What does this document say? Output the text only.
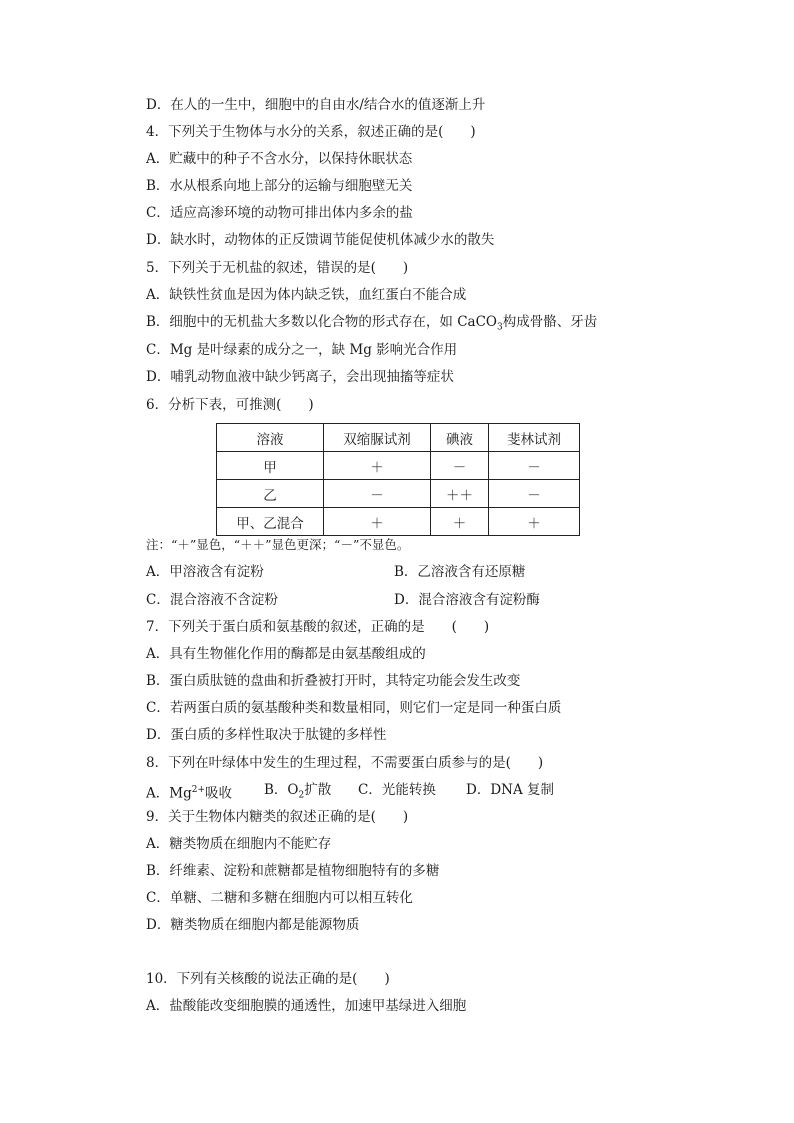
D．在人的一生中，细胞中的自由水/结合水的值逐渐上升
4．下列关于生物体与水分的关系，叙述正确的是(　　)
A．贮藏中的种子不含水分，以保持休眠状态
B．水从根系向地上部分的运输与细胞壁无关
C．适应高渗环境的动物可排出体内多余的盐
D．缺水时，动物体的正反馈调节能促使机体减少水的散失
5．下列关于无机盐的叙述，错误的是(　　)
A．缺铁性贫血是因为体内缺乏铁，血红蛋白不能合成
B．细胞中的无机盐大多数以化合物的形式存在，如 CaCO$_3$构成骨骼、牙齿
C．Mg 是叶绿素的成分之一，缺 Mg 影响光合作用
D．哺乳动物血液中缺少钙离子，会出现抽搐等症状
6．分析下表，可推测(　　)
溶液	双缩脲试剂	碘液	斐林试剂
甲	＋	－	－
乙	－	＋＋	－
甲、乙混合	＋	＋	＋
注：“＋”显色，“＋＋”显色更深；“－”不显色。
A．甲溶液含有淀粉	B．乙溶液含有还原糖
C．混合溶液不含淀粉	D．混合溶液含有淀粉酶
7．下列关于蛋白质和氨基酸的叙述，正确的是　　(　　)
A．具有生物催化作用的酶都是由氨基酸组成的
B．蛋白质肽链的盘曲和折叠被打开时，其特定功能会发生改变
C．若两蛋白质的氨基酸种类和数量相同，则它们一定是同一种蛋白质
D．蛋白质的多样性取决于肽键的多样性
8．下列在叶绿体中发生的生理过程，不需要蛋白质参与的是(　　)
A．$Mg^{2+}$吸收 B．$O_2$扩散 C．光能转换 D．DNA 复制
9．关于生物体内糖类的叙述正确的是(　　)
A．糖类物质在细胞内不能贮存
B．纤维素、淀粉和蔗糖都是植物细胞特有的多糖
C．单糖、二糖和多糖在细胞内可以相互转化
D．糖类物质在细胞内都是能源物质
10．下列有关核酸的说法正确的是(　　)
A．盐酸能改变细胞膜的通透性，加速甲基绿进入细胞
